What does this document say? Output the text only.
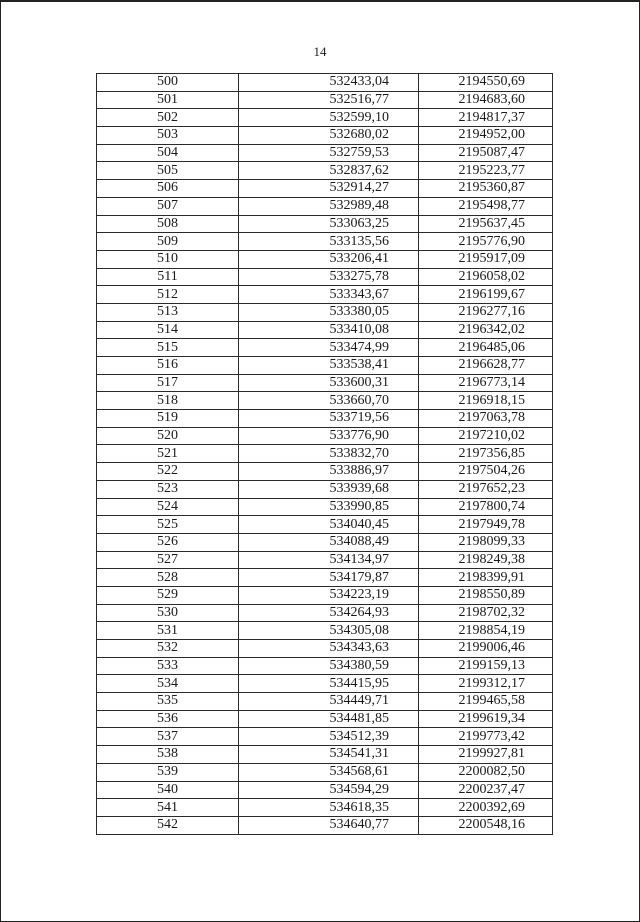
14
500	532433,04	2194550,69
501	532516,77	2194683,60
502	532599,10	2194817,37
503	532680,02	2194952,00
504	532759,53	2195087,47
505	532837,62	2195223,77
506	532914,27	2195360,87
507	532989,48	2195498,77
508	533063,25	2195637,45
509	533135,56	2195776,90
510	533206,41	2195917,09
511	533275,78	2196058,02
512	533343,67	2196199,67
513	533380,05	2196277,16
514	533410,08	2196342,02
515	533474,99	2196485,06
516	533538,41	2196628,77
517	533600,31	2196773,14
518	533660,70	2196918,15
519	533719,56	2197063,78
520	533776,90	2197210,02
521	533832,70	2197356,85
522	533886,97	2197504,26
523	533939,68	2197652,23
524	533990,85	2197800,74
525	534040,45	2197949,78
526	534088,49	2198099,33
527	534134,97	2198249,38
528	534179,87	2198399,91
529	534223,19	2198550,89
530	534264,93	2198702,32
531	534305,08	2198854,19
532	534343,63	2199006,46
533	534380,59	2199159,13
534	534415,95	2199312,17
535	534449,71	2199465,58
536	534481,85	2199619,34
537	534512,39	2199773,42
538	534541,31	2199927,81
539	534568,61	2200082,50
540	534594,29	2200237,47
541	534618,35	2200392,69
542	534640,77	2200548,16
